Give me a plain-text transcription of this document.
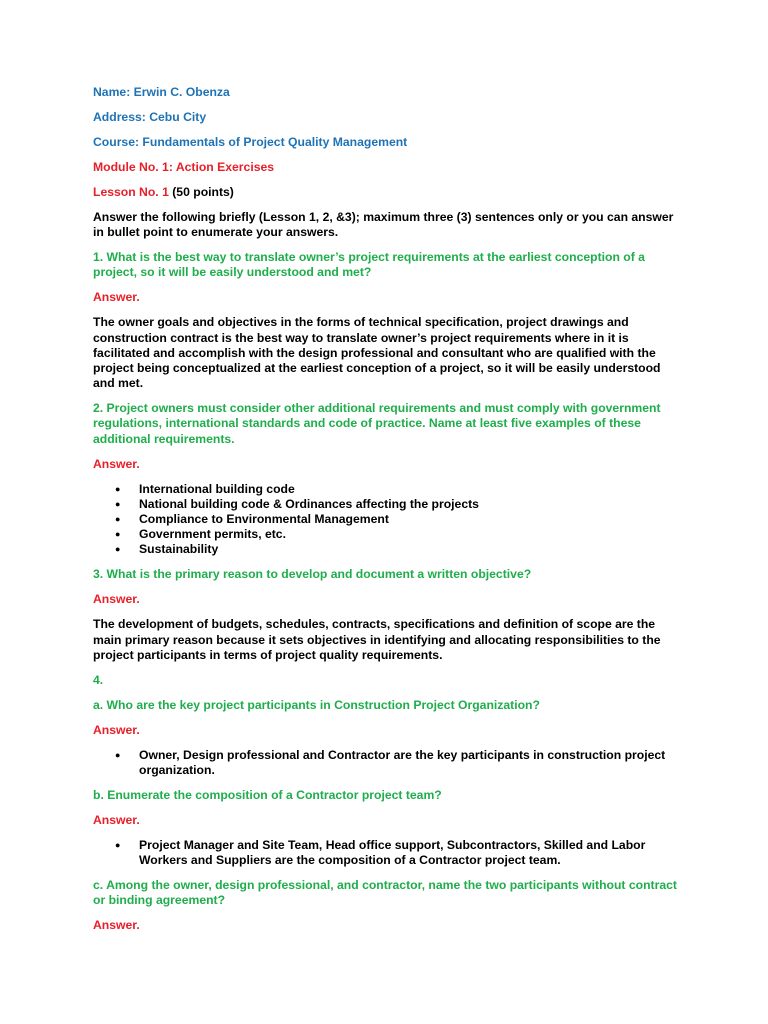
Name: Erwin C. Obenza

Address: Cebu City

Course: Fundamentals of Project Quality Management

Module No. 1: Action Exercises

Lesson No. 1 (50 points)

Answer the following briefly (Lesson 1, 2, &3); maximum three (3) sentences only or you can answer in bullet point to enumerate your answers.

1. What is the best way to translate owner’s project requirements at the earliest conception of a project, so it will be easily understood and met?

Answer.

The owner goals and objectives in the forms of technical specification, project drawings and construction contract is the best way to translate owner’s project requirements where in it is facilitated and accomplish with the design professional and consultant who are qualified with the project being conceptualized at the earliest conception of a project, so it will be easily understood and met.

2. Project owners must consider other additional requirements and must comply with government regulations, international standards and code of practice. Name at least five examples of these additional requirements.

Answer.

● International building code
● National building code & Ordinances affecting the projects
● Compliance to Environmental Management
● Government permits, etc.
● Sustainability

3. What is the primary reason to develop and document a written objective?

Answer.

The development of budgets, schedules, contracts, specifications and definition of scope are the main primary reason because it sets objectives in identifying and allocating responsibilities to the project participants in terms of project quality requirements.

4.

a. Who are the key project participants in Construction Project Organization?

Answer.

● Owner, Design professional and Contractor are the key participants in construction project organization.

b. Enumerate the composition of a Contractor project team?

Answer.

● Project Manager and Site Team, Head office support, Subcontractors, Skilled and Labor Workers and Suppliers are the composition of a Contractor project team.

c. Among the owner, design professional, and contractor, name the two participants without contract or binding agreement?

Answer.
